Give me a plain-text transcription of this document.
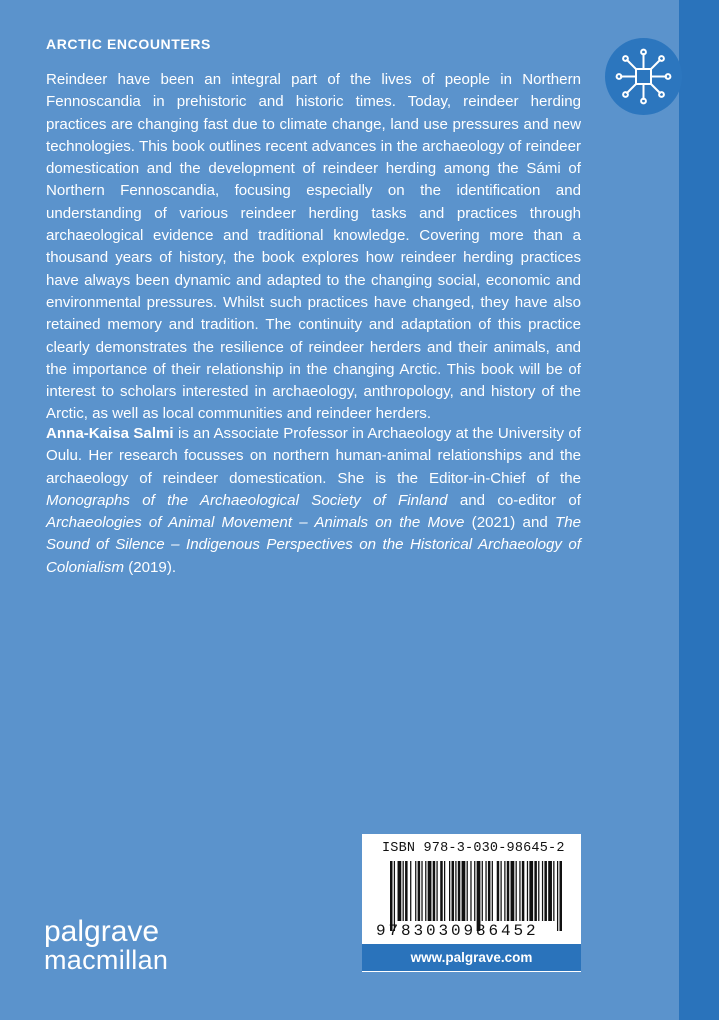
ARCTIC ENCOUNTERS

Reindeer have been an integral part of the lives of people in Northern Fennoscandia in prehistoric and historic times. Today, reindeer herding practices are changing fast due to climate change, land use pressures and new technologies. This book outlines recent advances in the archaeology of reindeer domestication and the development of reindeer herding among the Sámi of Northern Fennoscandia, focusing especially on the identification and understanding of various reindeer herding tasks and practices through archaeological evidence and traditional knowledge. Covering more than a thousand years of history, the book explores how reindeer herding practices have always been dynamic and adapted to the changing social, economic and environmental pressures. Whilst such practices have changed, they have also retained memory and tradition. The continuity and adaptation of this practice clearly demonstrates the resilience of reindeer herders and their animals, and the importance of their relationship in the changing Arctic. This book will be of interest to scholars interested in archaeology, anthropology, and history of the Arctic, as well as local communities and reindeer herders.

Anna-Kaisa Salmi is an Associate Professor in Archaeology at the University of Oulu. Her research focusses on northern human-animal relationships and the archaeology of reindeer domestication. She is the Editor-in-Chief of the Monographs of the Archaeological Society of Finland and co-editor of Archaeologies of Animal Movement – Animals on the Move (2021) and The Sound of Silence – Indigenous Perspectives on the Historical Archaeology of Colonialism (2019).

ISBN 978-3-030-98645-2
9783030986452
www.palgrave.com
palgrave
macmillan
